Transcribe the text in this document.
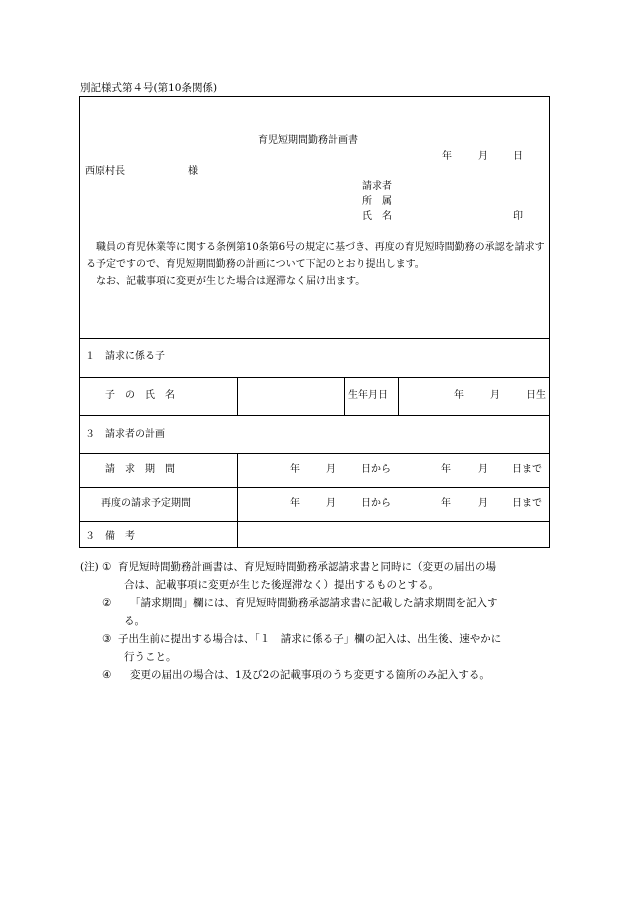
別記様式第４号(第10条関係)
育児短期間勤務計画書
年	月	日
西原村長	様
請求者
所　属
氏　名	印

職員の育児休業等に関する条例第10条第6号の規定に基づき、再度の育児短時間勤務の承認を請求する予定ですので、育児短期間勤務の計画について下記のとおり提出します。

なお、記載事項に変更が生じた場合は遅滞なく届け出ます。

１　請求に係る子
子　の　氏　名	生年月日	年	月	日生
３　請求者の計画
請　求　期　間	年	月	日から	年	月 日まで
再度の請求予定期間	年	月	日から	年	月 日まで
３　備　考
(注) ① 育児短時間勤務計画書は、育児短時間勤務承認請求書と同時に（変更の届出の場
合は、記載事項に変更が生じた後遅滞なく）提出するものとする。
②	「請求期間」欄には、育児短時間勤務承認請求書に記載した請求期間を記入す
る。
③ 子出生前に提出する場合は、「１　請求に係る子」欄の記入は、出生後、速やかに
行うこと。
④	変更の届出の場合は、1及び2の記載事項のうち変更する箇所のみ記入する。
